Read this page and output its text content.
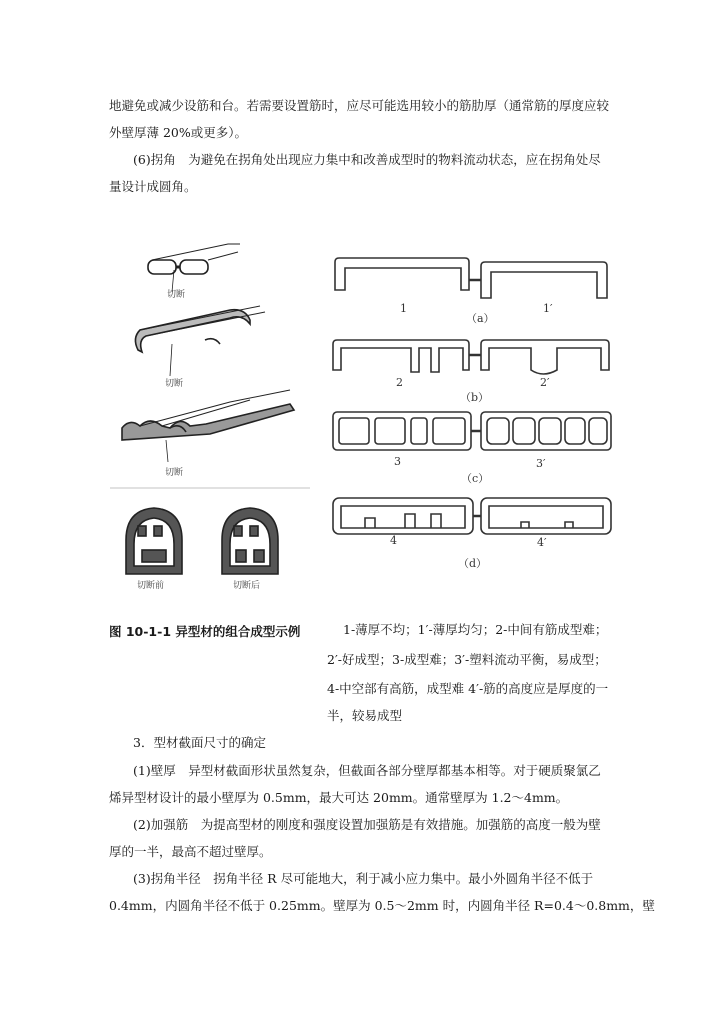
地避免或减少设筋和台。若需要设置筋时，应尽可能选用较小的筋肋厚（通常筋的厚度应较
外壁厚薄 20%或更多）。
(6)拐角　为避免在拐角处出现应力集中和改善成型时的物料流动状态，应在拐角处尽
量设计成圆角。
切断
切断
切断
切断前	切断后
1
（a）
1′
2
（b）
2′
3
（c）
3′
4
（d）
4′
图 10-1-1 异型材的组合成型示例	1-薄厚不均；1′-薄厚均匀；2-中间有筋成型难；
2′-好成型；3-成型难；3′-塑料流动平衡，易成型；
4-中空部有高筋，成型难 4′-筋的高度应是厚度的一
半，较易成型
3．型材截面尺寸的确定
(1)壁厚　异型材截面形状虽然复杂，但截面各部分壁厚都基本相等。对于硬质聚氯乙
烯异型材设计的最小壁厚为 0.5mm，最大可达 20mm。通常壁厚为 1.2～4mm。
(2)加强筋　为提高型材的刚度和强度设置加强筋是有效措施。加强筋的高度一般为壁
厚的一半，最高不超过壁厚。
(3)拐角半径　拐角半径 R 尽可能地大，利于减小应力集中。最小外圆角半径不低于
0.4mm，内圆角半径不低于 0.25mm。壁厚为 0.5～2mm 时，内圆角半径 R=0.4～0.8mm，壁
